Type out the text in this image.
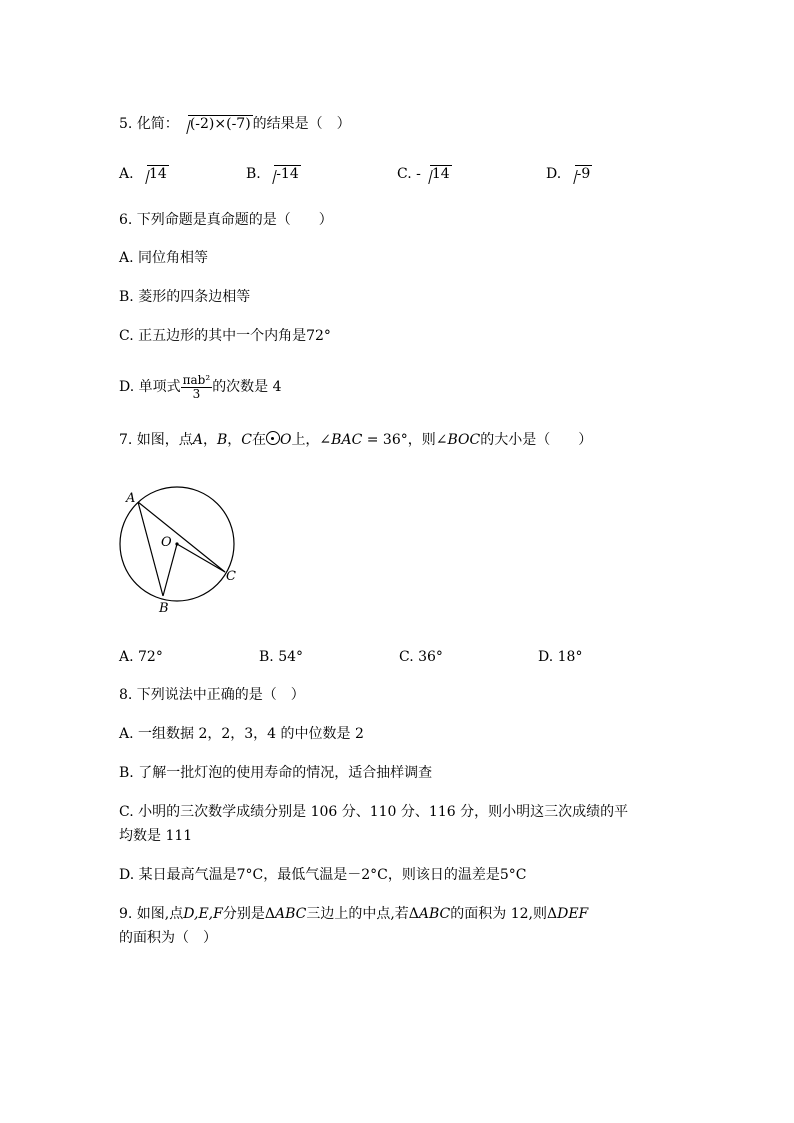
5. 化简： (-2)×(-7) 的结果是（　）
A. 14	B. -14	C. - 14	D. -9
6. 下列命题是真命题的是（　　）
A. 同位角相等
B. 菱形的四条边相等
C. 正五边形的其中一个内角是72°
D. 单项式 $\frac{\text{πab²}}{3}$ 的次数是 4
7. 如图，点A，B，C在 O上，∠BAC = 36°，则∠BOC的大小是（　　）
A
B
C
O
A. 72°	B. 54°	C. 36°	D. 18°
8. 下列说法中正确的是（　）
A. 一组数据 2，2，3，4 的中位数是 2
B. 了解一批灯泡的使用寿命的情况，适合抽样调查
C. 小明的三次数学成绩分别是 106 分、110 分、116 分，则小明这三次成绩的平
均数是 111
D. 某日最高气温是7°C，最低气温是－2°C，则该日的温差是5°C
9. 如图,点D,E,F分别是ΔABC三边上的中点,若ΔABC的面积为 12,则ΔDEF
的面积为（　）
